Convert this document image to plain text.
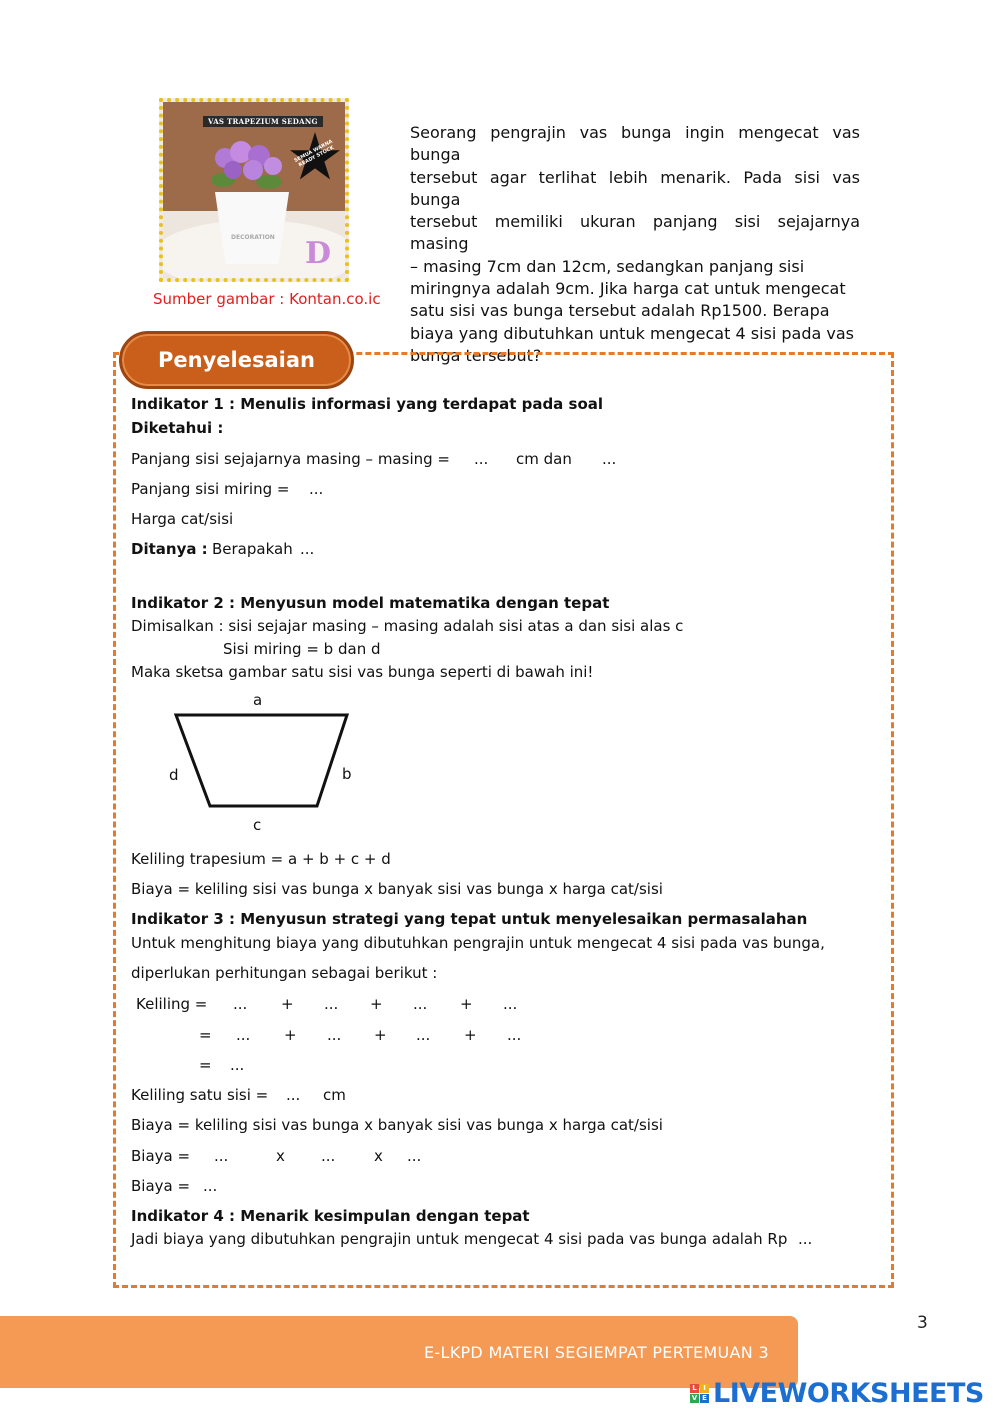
VAS TRAPEZIUM SEDANG
SEMUA WARNA READY STOCK
DECORATION D
Sumber gambar : Kontan.co.ic
Seorang pengrajin vas bunga ingin mengecat vas bunga
tersebut agar terlihat lebih menarik. Pada sisi vas bunga
tersebut memiliki ukuran panjang sisi sejajarnya masing
– masing 7cm dan 12cm, sedangkan panjang sisi
miringnya adalah 9cm. Jika harga cat untuk mengecat
satu sisi vas bunga tersebut adalah Rp1500. Berapa
biaya yang dibutuhkan untuk mengecat 4 sisi pada vas
bunga tersebut?
Penyelesaian
Indikator 1 : Menulis informasi yang terdapat pada soal
Diketahui :
Panjang sisi sejajarnya masing – masing = ... cm dan ...
Panjang sisi miring = ...
Harga cat/sisi
Ditanya : Berapakah ...
Indikator 2 : Menyusun model matematika dengan tepat
Dimisalkan : sisi sejajar masing – masing adalah sisi atas a dan sisi alas c
Sisi miring = b dan d
Maka sketsa gambar satu sisi vas bunga seperti di bawah ini!
a
b
c
d
Keliling trapesium = a + b + c + d
Biaya = keliling sisi vas bunga x banyak sisi vas bunga x harga cat/sisi
Indikator 3 : Menyusun strategi yang tepat untuk menyelesaikan permasalahan
Untuk menghitung biaya yang dibutuhkan pengrajin untuk mengecat 4 sisi pada vas bunga,
diperlukan perhitungan sebagai berikut :
Keliling = ... + ... + ... + ...
= ... + ... + ... + ...
= ...
Keliling satu sisi = ... cm
Biaya = keliling sisi vas bunga x banyak sisi vas bunga x harga cat/sisi
Biaya = ...	x ...	x ...
Biaya = ...
Indikator 4 : Menarik kesimpulan dengan tepat
Jadi biaya yang dibutuhkan pengrajin untuk mengecat 4 sisi pada vas bunga adalah Rp ...
E-LKPD MATERI SEGIEMPAT PERTEMUAN 3
3
L I
V E LIVEWORKSHEETS
